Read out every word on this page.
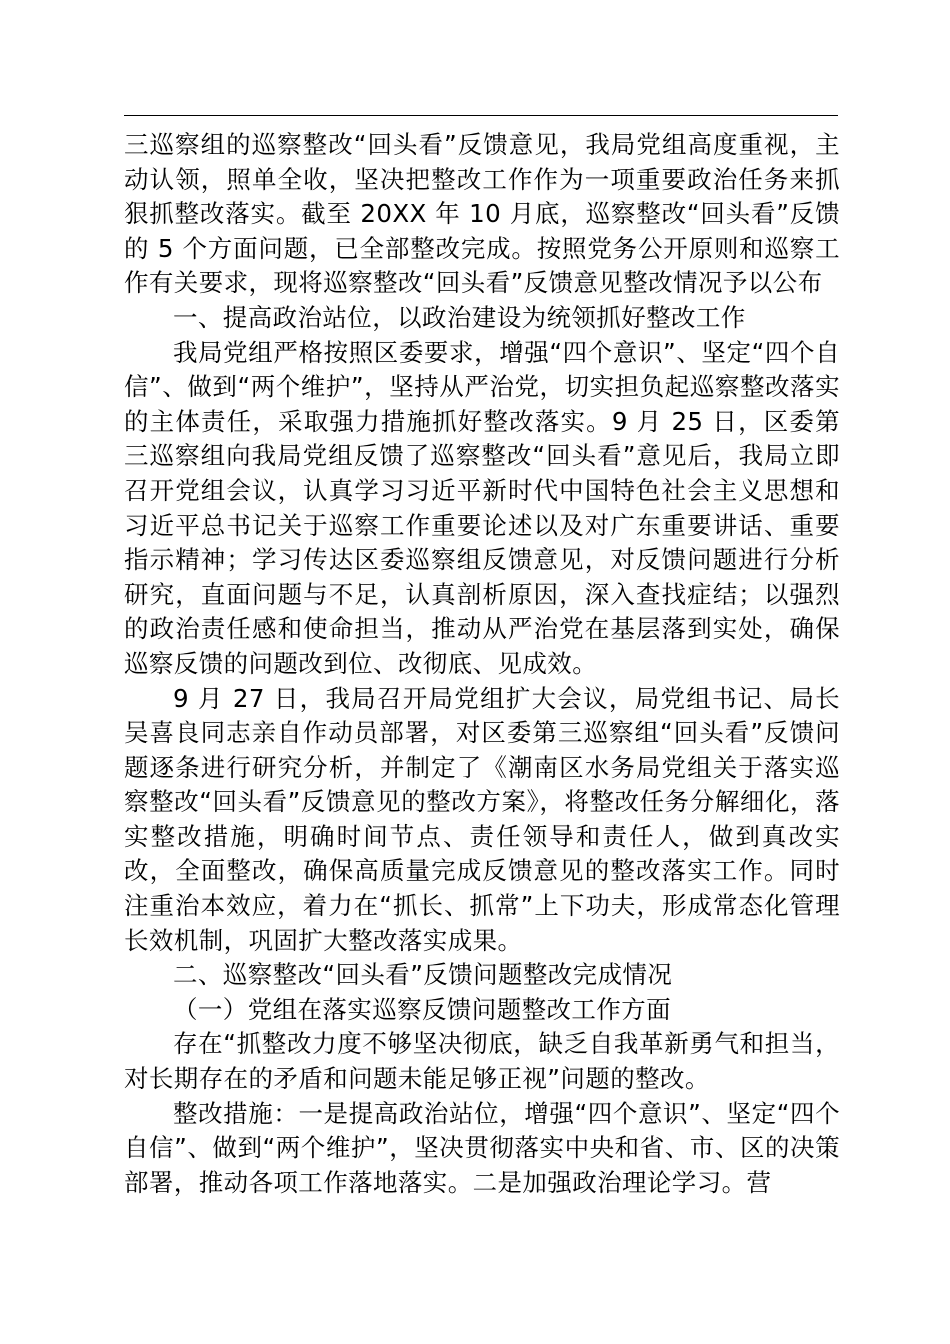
三巡察组的巡察整改“回头看”反馈意见，我局党组高度重视，主动认领，照单全收，坚决把整改工作作为一项重要政治任务来抓狠抓整改落实。截至 20XX 年 10 月底，巡察整改“回头看”反馈的 5 个方面问题，已全部整改完成。按照党务公开原则和巡察工作有关要求，现将巡察整改“回头看”反馈意见整改情况予以公布

一、提高政治站位，以政治建设为统领抓好整改工作

我局党组严格按照区委要求，增强“四个意识”、坚定“四个自信”、做到“两个维护”，坚持从严治党，切实担负起巡察整改落实的主体责任，采取强力措施抓好整改落实。9 月 25 日，区委第三巡察组向我局党组反馈了巡察整改“回头看”意见后，我局立即召开党组会议，认真学习习近平新时代中国特色社会主义思想和习近平总书记关于巡察工作重要论述以及对广东重要讲话、重要指示精神；学习传达区委巡察组反馈意见，对反馈问题进行分析研究，直面问题与不足，认真剖析原因，深入查找症结；以强烈的政治责任感和使命担当，推动从严治党在基层落到实处，确保巡察反馈的问题改到位、改彻底、见成效。

9 月 27 日，我局召开局党组扩大会议，局党组书记、局长吴喜良同志亲自作动员部署，对区委第三巡察组“回头看”反馈问题逐条进行研究分析，并制定了《潮南区水务局党组关于落实巡察整改“回头看”反馈意见的整改方案》，将整改任务分解细化，落实整改措施，明确时间节点、责任领导和责任人，做到真改实改，全面整改，确保高质量完成反馈意见的整改落实工作。同时注重治本效应，着力在“抓长、抓常”上下功夫，形成常态化管理长效机制，巩固扩大整改落实成果。

二、巡察整改“回头看”反馈问题整改完成情况

（一）党组在落实巡察反馈问题整改工作方面

存在“抓整改力度不够坚决彻底，缺乏自我革新勇气和担当，对长期存在的矛盾和问题未能足够正视”问题的整改。

整改措施：一是提高政治站位，增强“四个意识”、坚定“四个自信”、做到“两个维护”，坚决贯彻落实中央和省、市、区的决策部署，推动各项工作落地落实。二是加强政治理论学习。营
